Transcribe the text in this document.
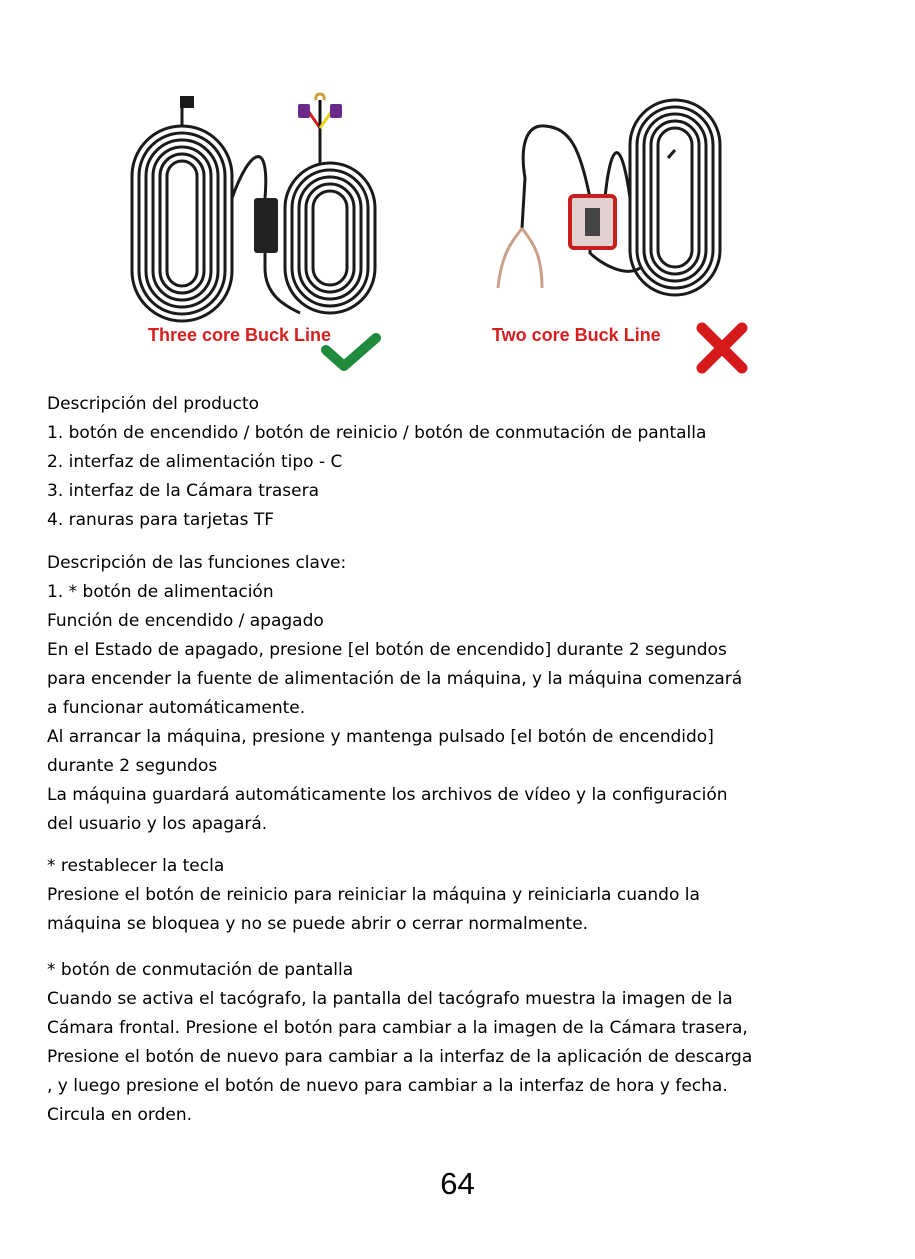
Three core Buck Line	Two core Buck Line

Descripción del producto

1. botón de encendido / botón de reinicio / botón de conmutación de pantalla

2. interfaz de alimentación tipo - C

3. interfaz de la Cámara trasera

4. ranuras para tarjetas TF

Descripción de las funciones clave:

1. * botón de alimentación

Función de encendido / apagado

En el Estado de apagado, presione [el botón de encendido] durante 2 segundos

para encender la fuente de alimentación de la máquina, y la máquina comenzará

a funcionar automáticamente.

Al arrancar la máquina, presione y mantenga pulsado [el botón de encendido]

durante 2 segundos

La máquina guardará automáticamente los archivos de vídeo y la configuración

del usuario y los apagará.

* restablecer la tecla

Presione el botón de reinicio para reiniciar la máquina y reiniciarla cuando la

máquina se bloquea y no se puede abrir o cerrar normalmente.

* botón de conmutación de pantalla

Cuando se activa el tacógrafo, la pantalla del tacógrafo muestra la imagen de la

Cámara frontal. Presione el botón para cambiar a la imagen de la Cámara trasera,

Presione el botón de nuevo para cambiar a la interfaz de la aplicación de descarga

, y luego presione el botón de nuevo para cambiar a la interfaz de hora y fecha.

Circula en orden.

64
